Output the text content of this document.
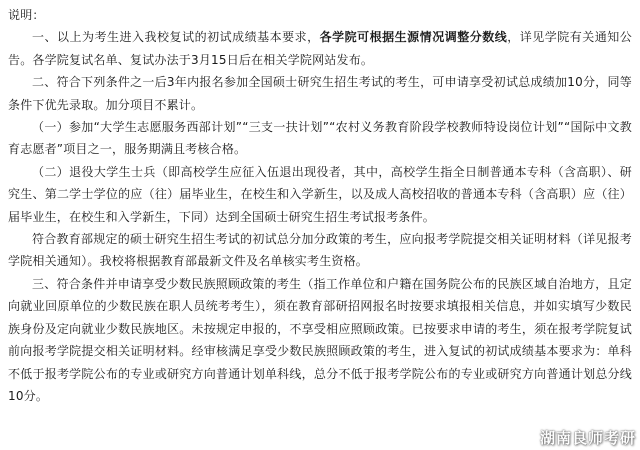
说明：

一、以上为考生进入我校复试的初试成绩基本要求，各学院可根据生源情况调整分数线，详见学院有关通知公告。各学院复试名单、复试办法于3月15日后在相关学院网站发布。

二、符合下列条件之一后3年内报名参加全国硕士研究生招生考试的考生，可申请享受初试总成绩加10分，同等条件下优先录取。加分项目不累计。

（一）参加“大学生志愿服务西部计划”“三支一扶计划”“农村义务教育阶段学校教师特设岗位计划”“国际中文教育志愿者”项目之一，服务期满且考核合格。

（二）退役大学生士兵（即高校学生应征入伍退出现役者，其中，高校学生指全日制普通本专科（含高职）、研究生、第二学士学位的应（往）届毕业生，在校生和入学新生，以及成人高校招收的普通本专科（含高职）应（往）届毕业生，在校生和入学新生，下同）达到全国硕士研究生招生考试报考条件。

符合教育部规定的硕士研究生招生考试的初试总分加分政策的考生，应向报考学院提交相关证明材料（详见报考学院相关通知）。我校将根据教育部最新文件及名单核实考生资格。

三、符合条件并申请享受少数民族照顾政策的考生（指工作单位和户籍在国务院公布的民族区域自治地方，且定向就业回原单位的少数民族在职人员统考考生），须在教育部研招网报名时按要求填报相关信息，并如实填写少数民族身份及定向就业少数民族地区。未按规定申报的，不享受相应照顾政策。已按要求申请的考生，须在报考学院复试前向报考学院提交相关证明材料。经审核满足享受少数民族照顾政策的考生，进入复试的初试成绩基本要求为：单科不低于报考学院公布的专业或研究方向普通计划单科线，总分不低于报考学院公布的专业或研究方向普通计划总分线10分。

湖南良师考研
